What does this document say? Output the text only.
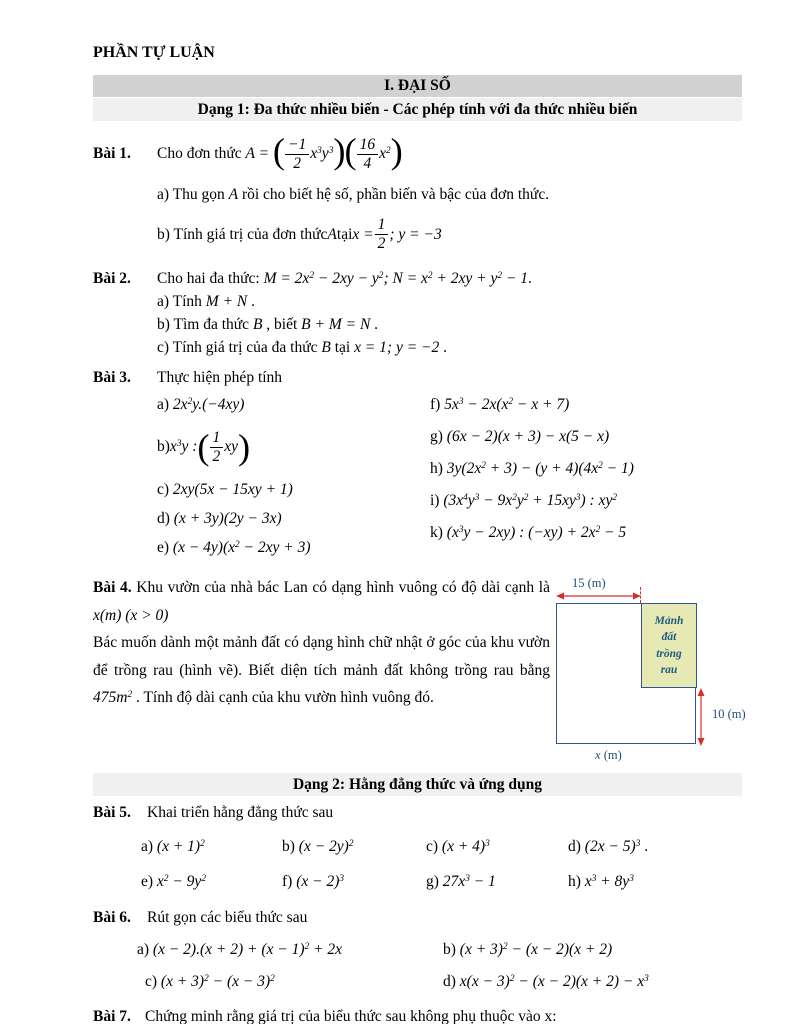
PHẦN TỰ LUẬN
I. ĐẠI SỐ
Dạng 1: Đa thức nhiều biến - Các phép tính với đa thức nhiều biến
Bài 1.	Cho đơn thức A = ( $\frac{-1}{2} x^3y^3)( \frac{16}{4} x^2)$
a) Thu gọn A rồi cho biết hệ số, phần biến và bậc của đơn thức.
b) Tính giá trị của đơn thức A tại $x = \frac{1}{2}$ ; y = −3
Bài 2.	Cho hai đa thức: $M = 2x^2 - 2xy - y^2$; $N = x^2 + 2xy + y^2 - 1$.
a) Tính M + N .
b) Tìm đa thức B , biết B + M = N .
c) Tính giá trị của đa thức B tại x = 1; y = −2 .
Bài 3.	Thực hiện phép tính
a) $2x^2y.(-4xy)$
b) $x^3y$ : ( $\frac{1}{2}$ xy )
c) 2xy(5x − 15xy + 1)
d) (x + 3y)(2y − 3x)
e) $(x - 4y)(x^2 - 2xy + 3)$
f) $5x^3 - 2x(x^2 - x + 7)$
g) (6x − 2)(x + 3) − x(5 − x)
h) $3y(2x^2 + 3) - (y + 4)(4x^2 - 1)$
i) $(3x^4y^3 - 9x^2y^2 + 15xy^3)$ : $xy^2$
k) $(x^3y - 2xy)$ : $(-xy) + 2x^2 - 5$
Bài 4. Khu vườn của nhà bác Lan có dạng hình vuông có độ dài cạnh là x(m) (x > 0)
Bác muốn dành một mảnh đất có dạng hình chữ nhật ở góc của khu vườn để trồng rau (hình vẽ). Biết diện tích mảnh đất không trồng rau bằng $475m^2$ . Tính độ dài cạnh của khu vườn hình vuông đó.
15 (m)
Mảnh
đất
trồng
rau
10 (m)
x (m)
Dạng 2: Hằng đẳng thức và ứng dụng
Bài 5.	Khai triển hằng đẳng thức sau
a) $(x + 1)^2$	b) $(x - 2y)^2$	c) $(x + 4)^3$	d) $(2x - 5)^3$ .
e) $x^2 - 9y^2$	f) $(x - 2)^3$	g) $27x^3 - 1$	h) $x^3 + 8y^3$
Bài 6.	Rút gọn các biểu thức sau
a) $(x - 2).(x + 2) + (x - 1)^2 + 2x$	b) $(x + 3)^2 - (x - 2)(x + 2)$
c) $(x + 3)^2 - (x - 3)^2$	d) $x(x - 3)^2 - (x - 2)(x + 2) - x^3$
Bài 7. Chứng minh rằng giá trị của biểu thức sau không phụ thuộc vào x:
